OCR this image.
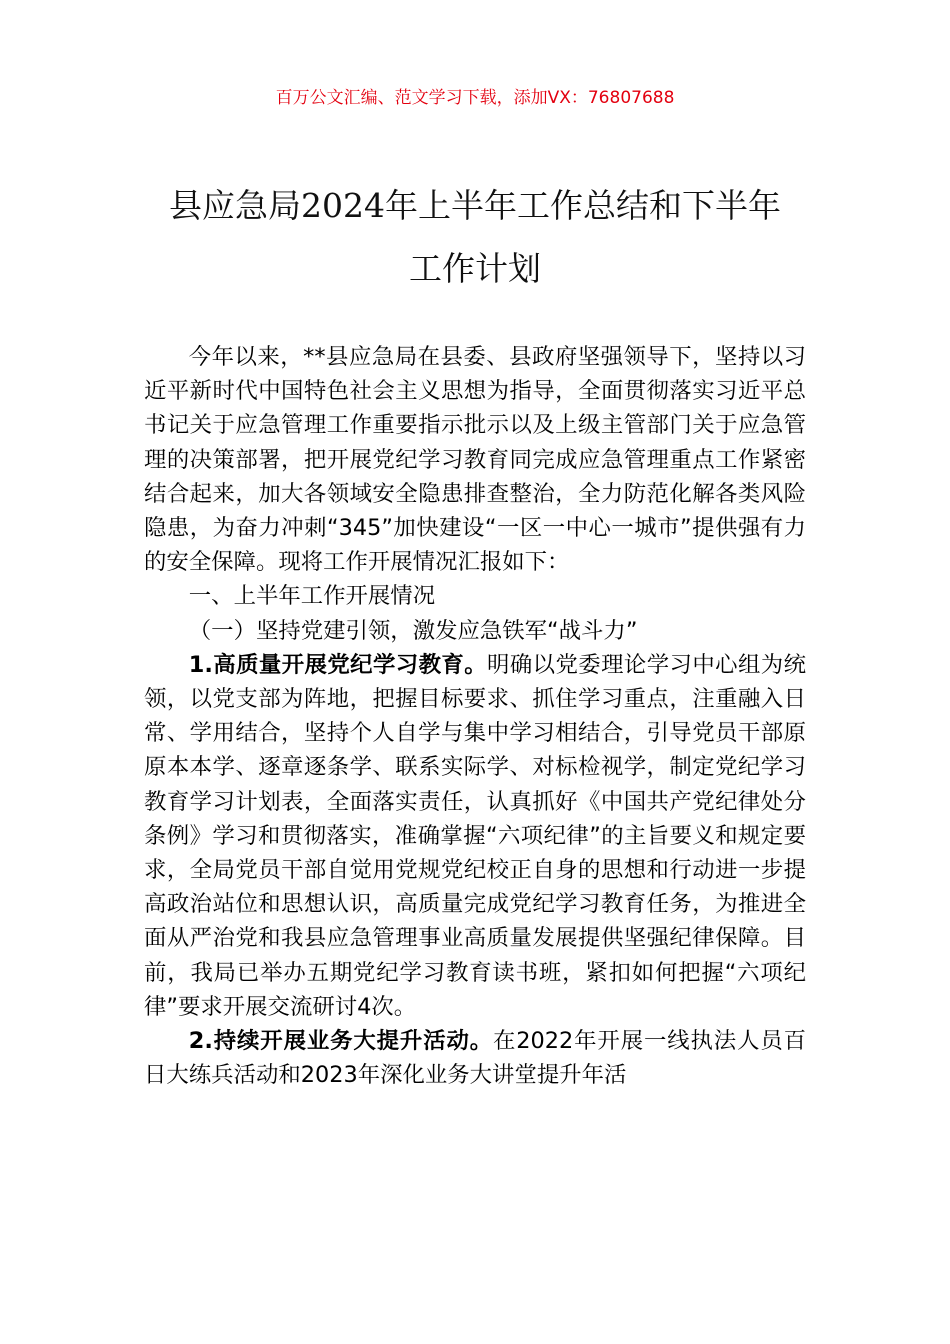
百万公文汇编、范文学习下载，添加VX：76807688
县应急局2024年上半年工作总结和下半年
工作计划

今年以来，**县应急局在县委、县政府坚强领导下，坚持以习近平新时代中国特色社会主义思想为指导，全面贯彻落实习近平总书记关于应急管理工作重要指示批示以及上级主管部门关于应急管理的决策部署，把开展党纪学习教育同完成应急管理重点工作紧密结合起来，加大各领域安全隐患排查整治，全力防范化解各类风险隐患，为奋力冲刺“345”加快建设“一区一中心一城市”提供强有力的安全保障。现将工作开展情况汇报如下：

一、上半年工作开展情况

（一）坚持党建引领，激发应急铁军“战斗力”

1.高质量开展党纪学习教育。明确以党委理论学习中心组为统领，以党支部为阵地，把握目标要求、抓住学习重点，注重融入日常、学用结合，坚持个人自学与集中学习相结合，引导党员干部原原本本学、逐章逐条学、联系实际学、对标检视学，制定党纪学习教育学习计划表，全面落实责任，认真抓好《中国共产党纪律处分条例》学习和贯彻落实，准确掌握“六项纪律”的主旨要义和规定要求，全局党员干部自觉用党规党纪校正自身的思想和行动进一步提高政治站位和思想认识，高质量完成党纪学习教育任务，为推进全面从严治党和我县应急管理事业高质量发展提供坚强纪律保障。目前，我局已举办五期党纪学习教育读书班，紧扣如何把握“六项纪律”要求开展交流研讨4次。

2.持续开展业务大提升活动。在2022年开展一线执法人员百日大练兵活动和2023年深化业务大讲堂提升年活
